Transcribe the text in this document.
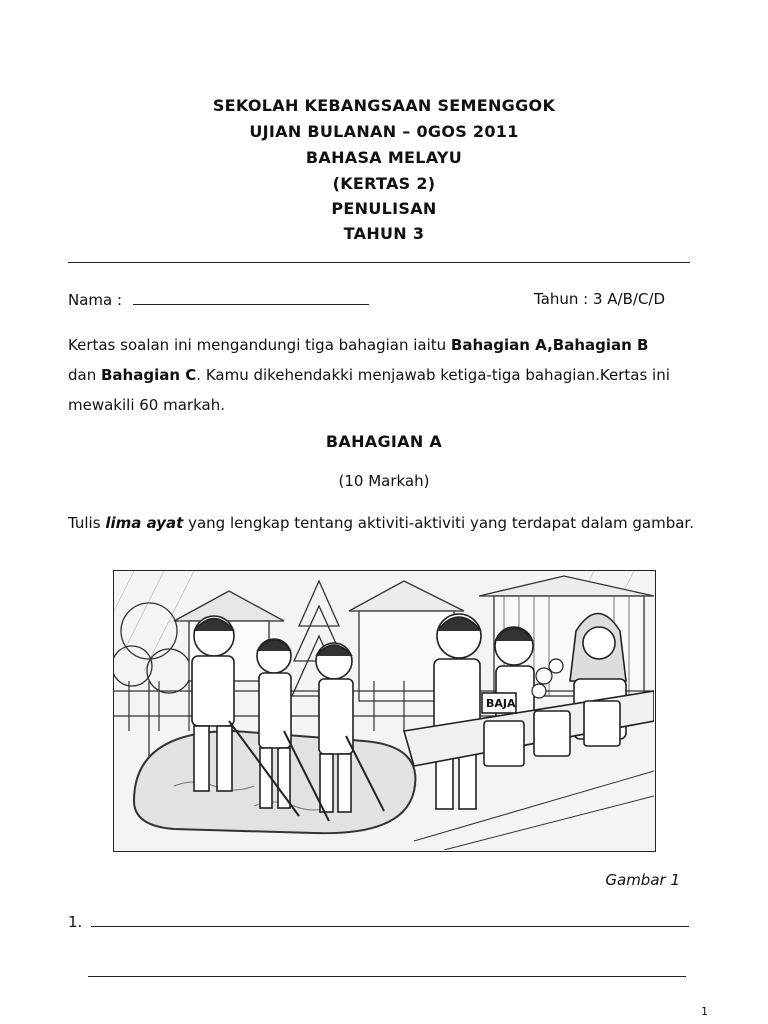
SEKOLAH KEBANGSAAN SEMENGGOK
UJIAN BULANAN – 0GOS 2011
BAHASA MELAYU
(KERTAS 2)
PENULISAN
TAHUN 3
Nama :	Tahun : 3 A/B/C/D
Kertas soalan ini mengandungi tiga bahagian iaitu Bahagian A,Bahagian B
dan Bahagian C. Kamu dikehendakki menjawab ketiga-tiga bahagian.Kertas ini mewakili 60 markah.
BAHAGIAN A
(10 Markah)
Tulis lima ayat yang lengkap tentang aktiviti-aktiviti yang terdapat dalam gambar.
BAJA
Gambar 1
1.
1
